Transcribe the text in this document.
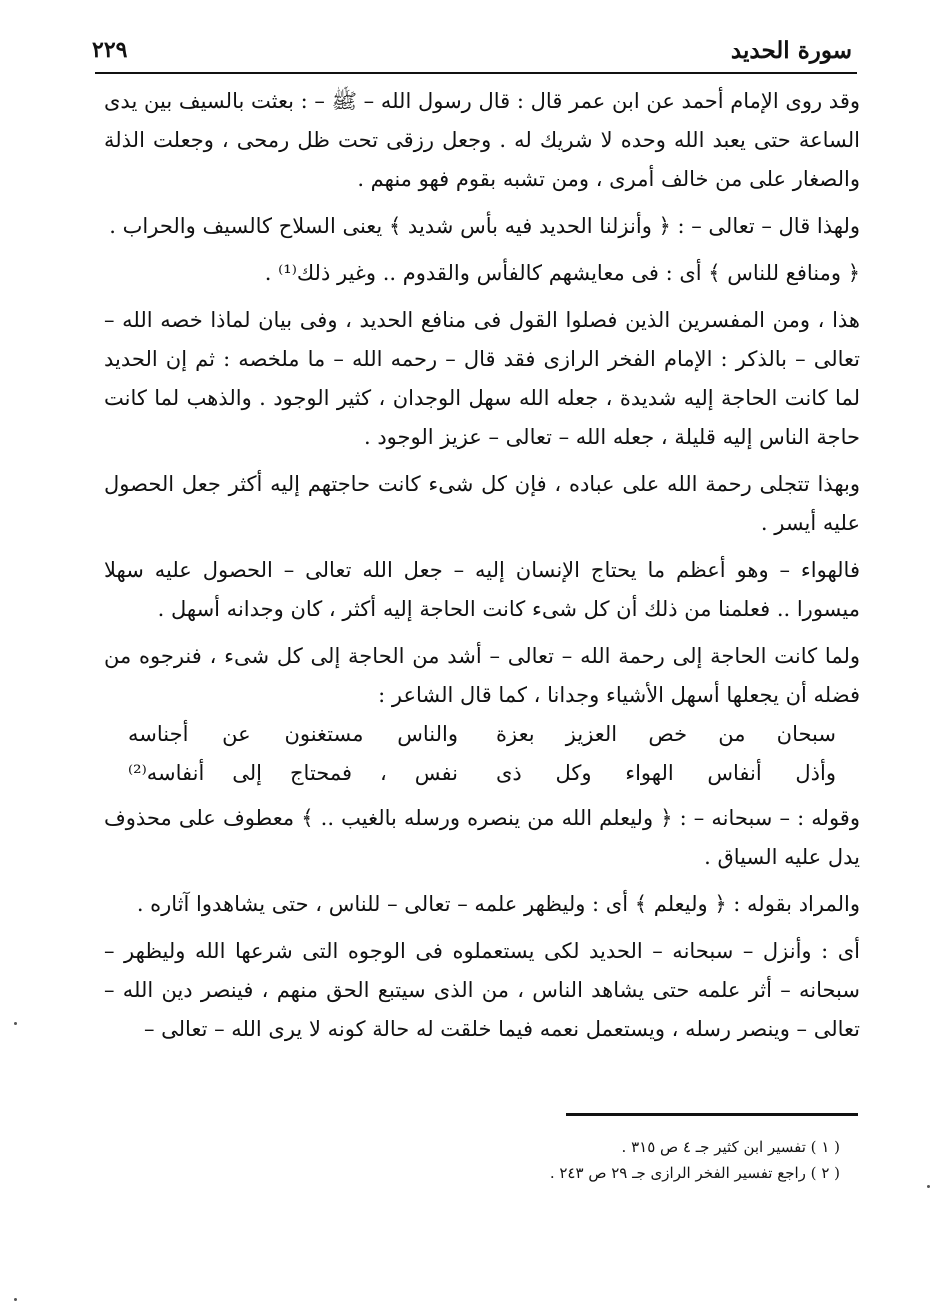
سورة الحديد
٢٢٩

وقد روى الإمام أحمد عن ابن عمر قال : قال رسول الله – ﷺ – : بعثت بالسيف بين يدى الساعة حتى يعبد الله وحده لا شريك له . وجعل رزقى تحت ظل رمحى ، وجعلت الذلة والصغار على من خالف أمرى ، ومن تشبه بقوم فهو منهم .

ولهذا قال – تعالى – : ﴿ وأنزلنا الحديد فيه بأس شديد ﴾ يعنى السلاح كالسيف والحراب .

﴿ ومنافع للناس ﴾ أى : فى معايشهم كالفأس والقدوم .. وغير ذلك⁽¹⁾ .

هذا ، ومن المفسرين الذين فصلوا القول فى منافع الحديد ، وفى بيان لماذا خصه الله – تعالى – بالذكر : الإمام الفخر الرازى فقد قال – رحمه الله – ما ملخصه : ثم إن الحديد لما كانت الحاجة إليه شديدة ، جعله الله سهل الوجدان ، كثير الوجود . والذهب لما كانت حاجة الناس إليه قليلة ، جعله الله – تعالى – عزيز الوجود .

وبهذا تتجلى رحمة الله على عباده ، فإن كل شىء كانت حاجتهم إليه أكثر جعل الحصول عليه أيسر .

فالهواء – وهو أعظم ما يحتاج الإنسان إليه – جعل الله تعالى – الحصول عليه سهلا ميسورا .. فعلمنا من ذلك أن كل شىء كانت الحاجة إليه أكثر ، كان وجدانه أسهل .

ولما كانت الحاجة إلى رحمة الله – تعالى – أشد من الحاجة إلى كل شىء ، فنرجوه من فضله أن يجعلها أسهل الأشياء وجدانا ، كما قال الشاعر :

سبحان من خص العزيز بعزة
والناس مستغنون عن أجناسه
وأذل أنفاس الهواء وكل ذى
نفس ، فمحتاج إلى أنفاسه⁽²⁾

وقوله : – سبحانه – : ﴿ وليعلم الله من ينصره ورسله بالغيب .. ﴾ معطوف على محذوف يدل عليه السياق .

والمراد بقوله : ﴿ وليعلم ﴾ أى : وليظهر علمه – تعالى – للناس ، حتى يشاهدوا آثاره .

أى : وأنزل – سبحانه – الحديد لكى يستعملوه فى الوجوه التى شرعها الله وليظهر – سبحانه – أثر علمه حتى يشاهد الناس ، من الذى سيتبع الحق منهم ، فينصر دين الله – تعالى – وينصر رسله ، ويستعمل نعمه فيما خلقت له حالة كونه لا يرى الله – تعالى –

( ١ ) تفسير ابن كثير جـ ٤ ص ٣١٥ .
( ٢ ) راجع تفسير الفخر الرازى جـ ٢٩ ص ٢٤٣ .
